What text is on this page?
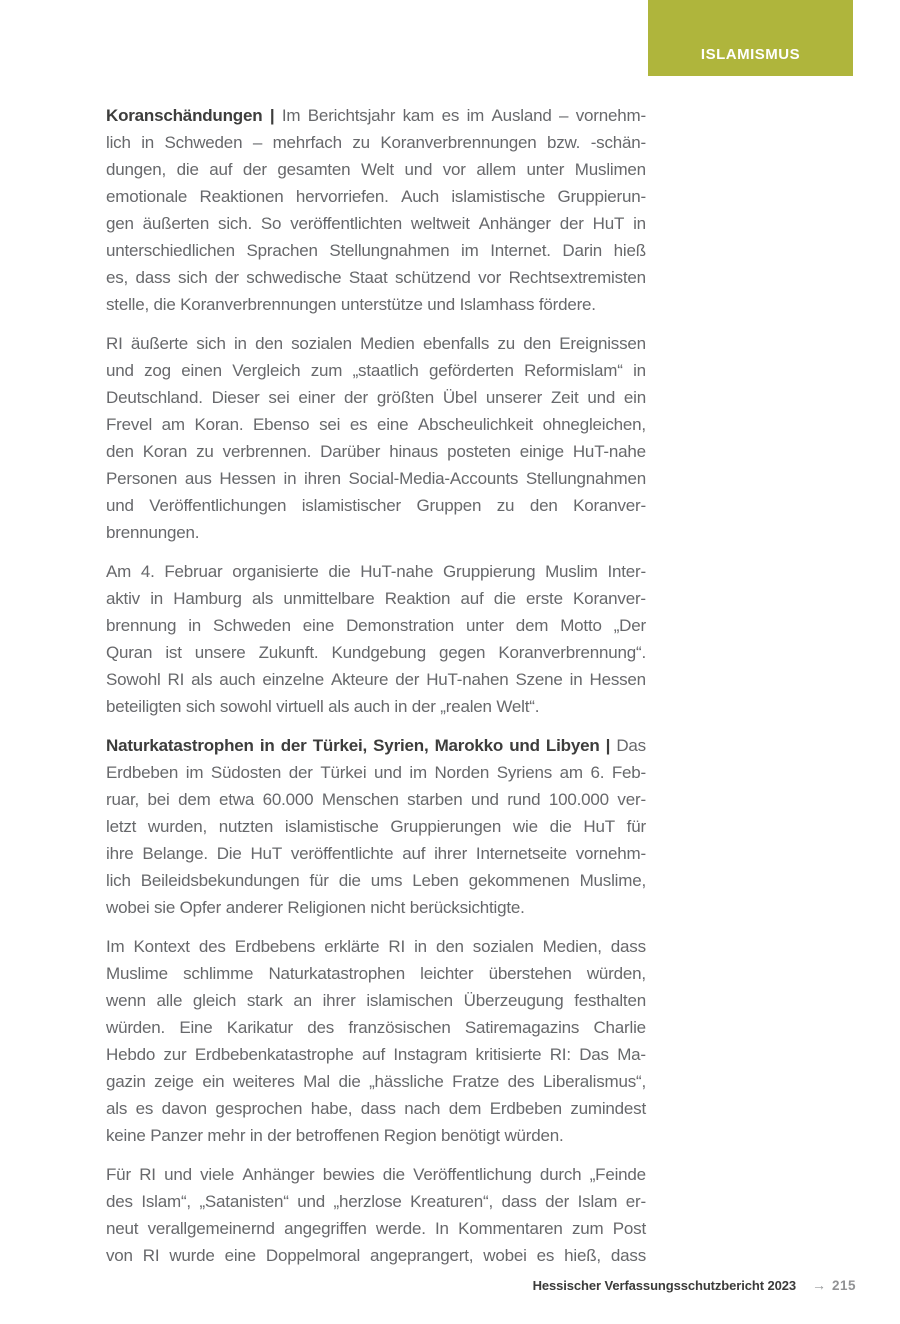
ISLAMISMUS
Koranschändungen | Im Berichtsjahr kam es im Ausland – vornehm-
lich in Schweden – mehrfach zu Koranverbrennungen bzw. -schän-
dungen, die auf der gesamten Welt und vor allem unter Muslimen
emotionale Reaktionen hervorriefen. Auch islamistische Gruppierun-
gen äußerten sich. So veröffentlichten weltweit Anhänger der HuT in
unterschiedlichen Sprachen Stellungnahmen im Internet. Darin hieß
es, dass sich der schwedische Staat schützend vor Rechtsextremisten
stelle, die Koranverbrennungen unterstütze und Islamhass fördere.
RI äußerte sich in den sozialen Medien ebenfalls zu den Ereignissen
und zog einen Vergleich zum „staatlich geförderten Reformislam“ in
Deutschland. Dieser sei einer der größten Übel unserer Zeit und ein
Frevel am Koran. Ebenso sei es eine Abscheulichkeit ohnegleichen,
den Koran zu verbrennen. Darüber hinaus posteten einige HuT-nahe
Personen aus Hessen in ihren Social-Media-Accounts Stellungnahmen
und Veröffentlichungen islamistischer Gruppen zu den Koranver-
brennungen.
Am 4. Februar organisierte die HuT-nahe Gruppierung Muslim Inter-
aktiv in Hamburg als unmittelbare Reaktion auf die erste Koranver-
brennung in Schweden eine Demonstration unter dem Motto „Der
Quran ist unsere Zukunft. Kundgebung gegen Koranverbrennung“.
Sowohl RI als auch einzelne Akteure der HuT-nahen Szene in Hessen
beteiligten sich sowohl virtuell als auch in der „realen Welt“.
Naturkatastrophen in der Türkei, Syrien, Marokko und Libyen | Das
Erdbeben im Südosten der Türkei und im Norden Syriens am 6. Feb-
ruar, bei dem etwa 60.000 Menschen starben und rund 100.000 ver-
letzt wurden, nutzten islamistische Gruppierungen wie die HuT für
ihre Belange. Die HuT veröffentlichte auf ihrer Internetseite vornehm-
lich Beileidsbekundungen für die ums Leben gekommenen Muslime,
wobei sie Opfer anderer Religionen nicht berücksichtigte.
Im Kontext des Erdbebens erklärte RI in den sozialen Medien, dass
Muslime schlimme Naturkatastrophen leichter überstehen würden,
wenn alle gleich stark an ihrer islamischen Überzeugung festhalten
würden. Eine Karikatur des französischen Satiremagazins Charlie
Hebdo zur Erdbebenkatastrophe auf Instagram kritisierte RI: Das Ma-
gazin zeige ein weiteres Mal die „hässliche Fratze des Liberalismus“,
als es davon gesprochen habe, dass nach dem Erdbeben zumindest
keine Panzer mehr in der betroffenen Region benötigt würden.
Für RI und viele Anhänger bewies die Veröffentlichung durch „Feinde
des Islam“, „Satanisten“ und „herzlose Kreaturen“, dass der Islam er-
neut verallgemeinernd angegriffen werde. In Kommentaren zum Post
von RI wurde eine Doppelmoral angeprangert, wobei es hieß, dass
Hessischer Verfassungsschutzbericht 2023 → 215
